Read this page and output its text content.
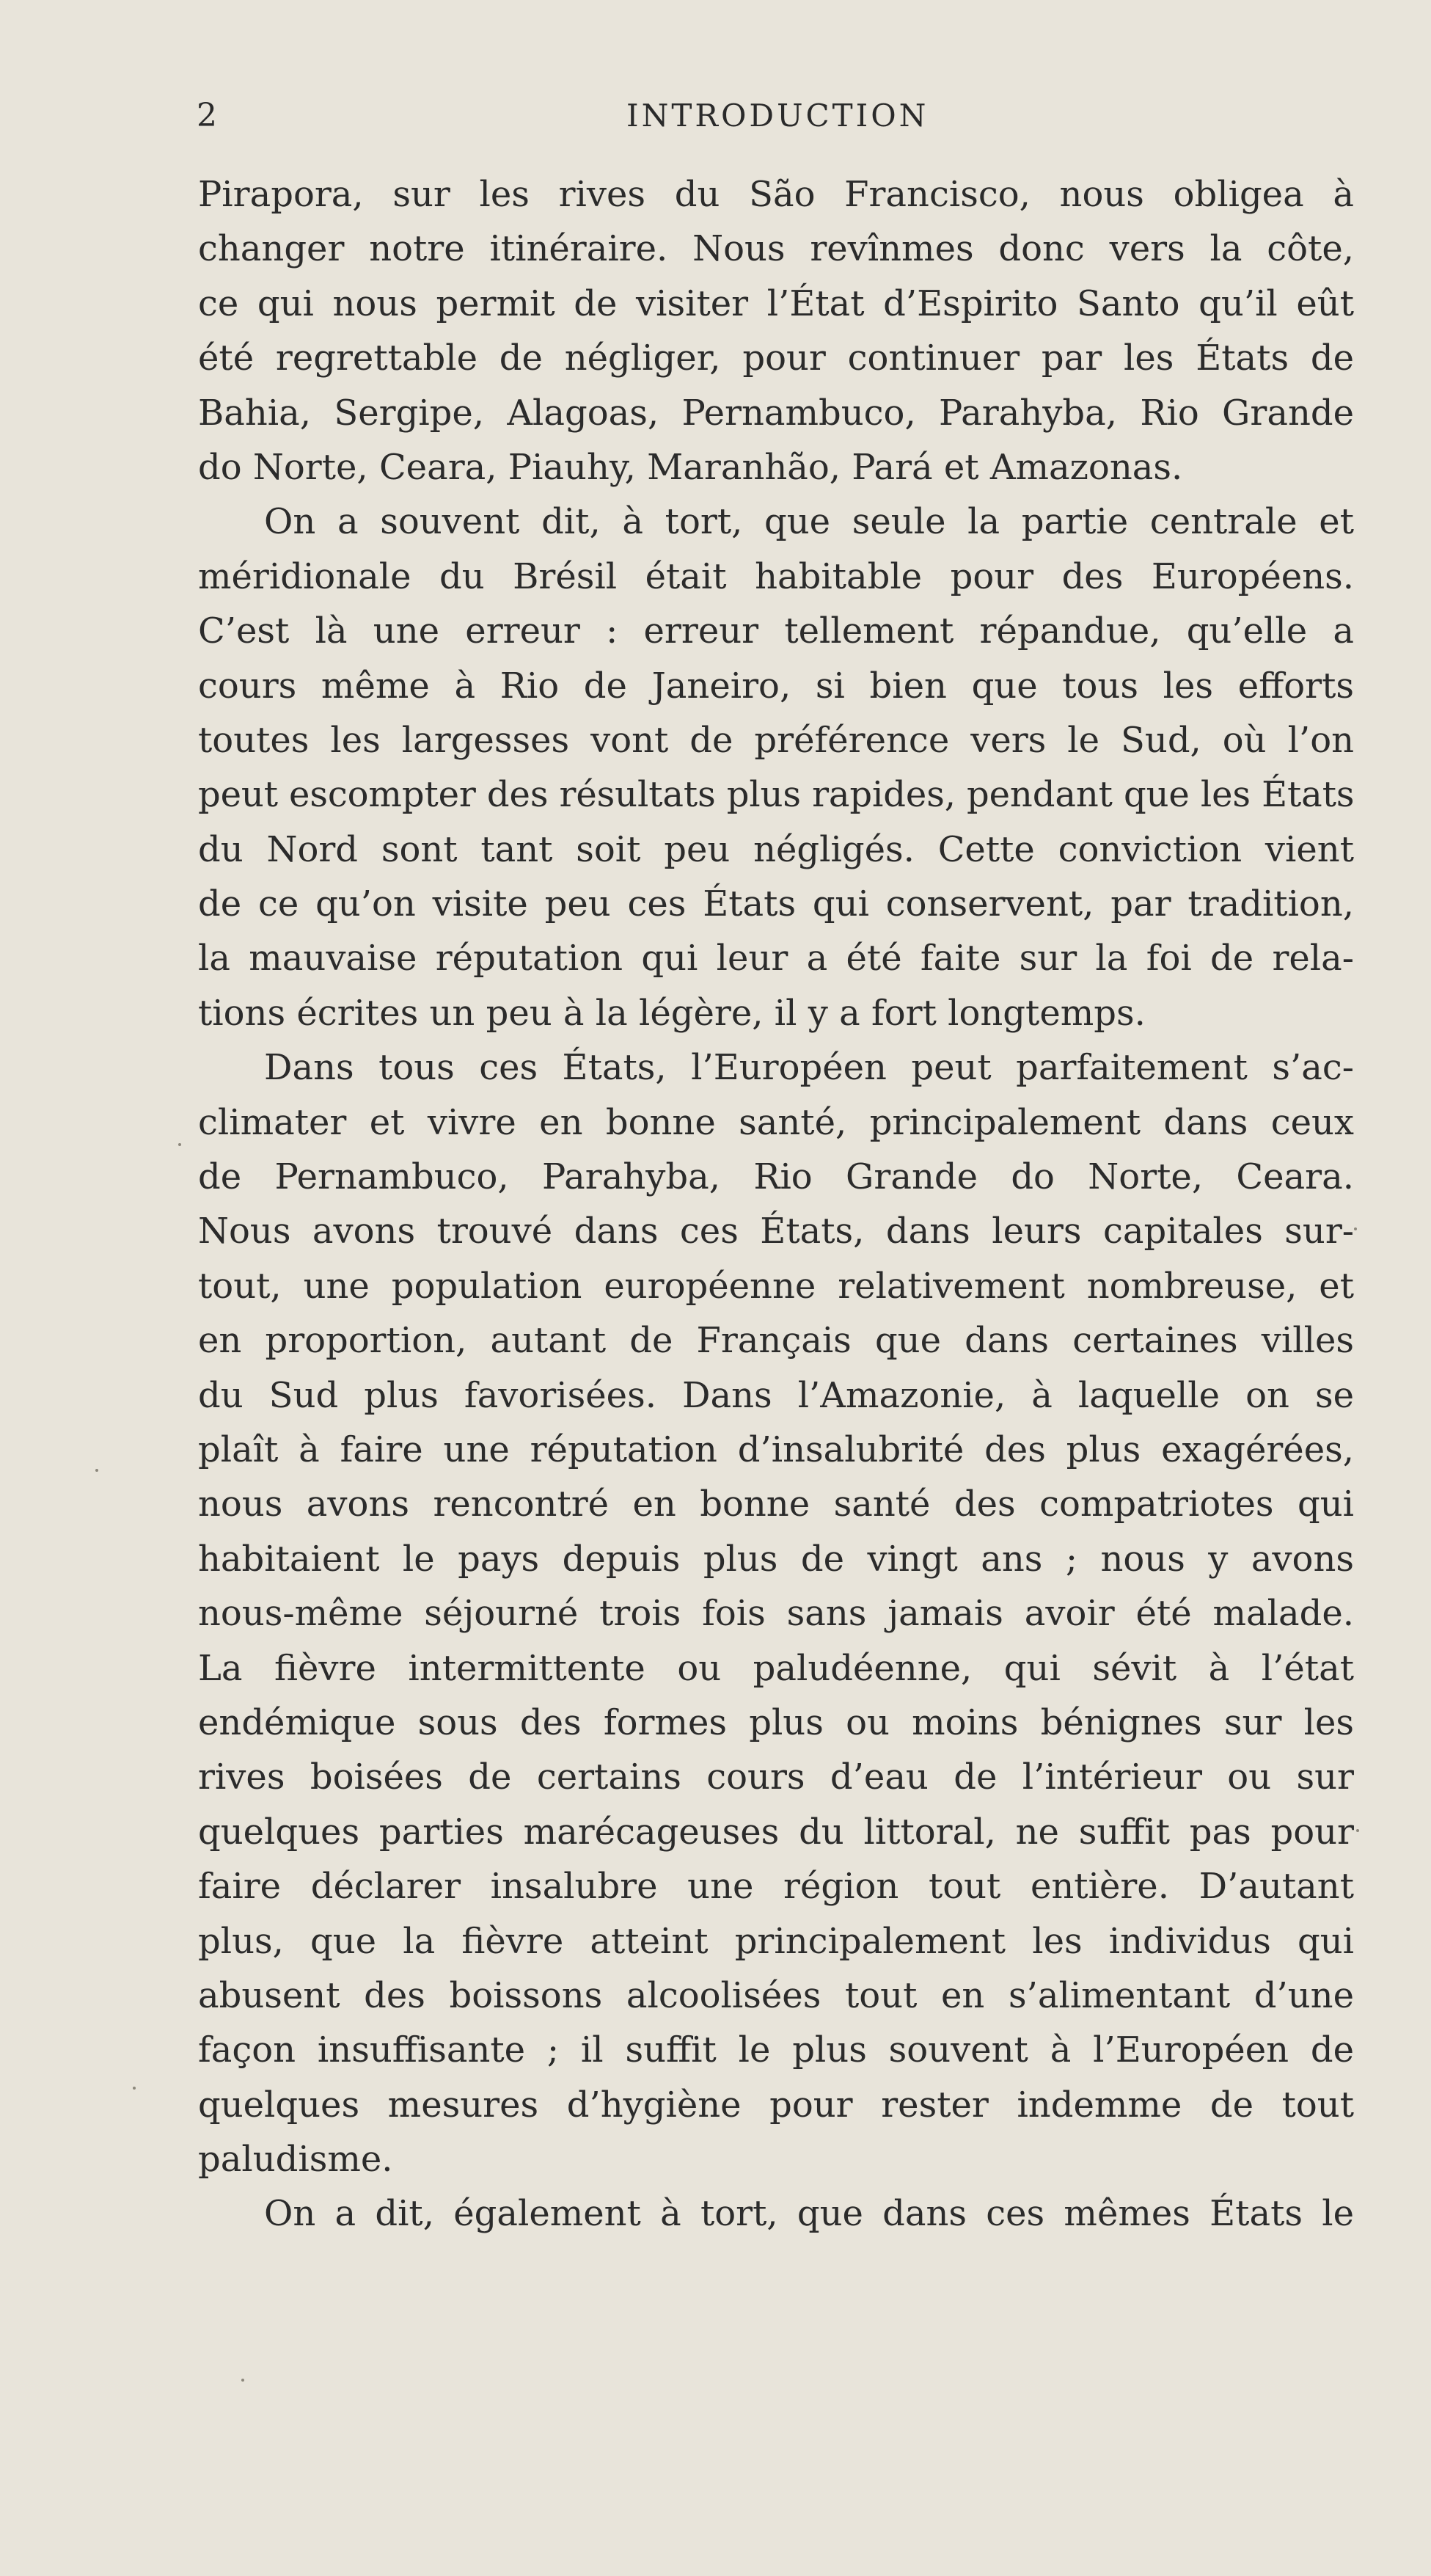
2	INTRODUCTION
Pirapora, sur les rives du São Francisco, nous obligea à
changer notre itinéraire. Nous revînmes donc vers la côte,
ce qui nous permit de visiter l’État d’Espirito Santo qu’il eût
été regrettable de négliger, pour continuer par les États de
Bahia, Sergipe, Alagoas, Pernambuco, Parahyba, Rio Grande
do Norte, Ceara, Piauhy, Maranhão, Pará et Amazonas.
On a souvent dit, à tort, que seule la partie centrale et
méridionale du Brésil était habitable pour des Européens.
C’est là une erreur : erreur tellement répandue, qu’elle a
cours même à Rio de Janeiro, si bien que tous les efforts
toutes les largesses vont de préférence vers le Sud, où l’on
peut escompter des résultats plus rapides, pendant que les États
du Nord sont tant soit peu négligés. Cette conviction vient
de ce qu’on visite peu ces États qui conservent, par tradition,
la mauvaise réputation qui leur a été faite sur la foi de rela-
tions écrites un peu à la légère, il y a fort longtemps.
Dans tous ces États, l’Européen peut parfaitement s’ac-
climater et vivre en bonne santé, principalement dans ceux
de Pernambuco, Parahyba, Rio Grande do Norte, Ceara.
Nous avons trouvé dans ces États, dans leurs capitales sur-
tout, une population européenne relativement nombreuse, et
en proportion, autant de Français que dans certaines villes
du Sud plus favorisées. Dans l’Amazonie, à laquelle on se
plaît à faire une réputation d’insalubrité des plus exagérées,
nous avons rencontré en bonne santé des compatriotes qui
habitaient le pays depuis plus de vingt ans ; nous y avons
nous-même séjourné trois fois sans jamais avoir été malade.
La fièvre intermittente ou paludéenne, qui sévit à l’état
endémique sous des formes plus ou moins bénignes sur les
rives boisées de certains cours d’eau de l’intérieur ou sur
quelques parties marécageuses du littoral, ne suffit pas pour
faire déclarer insalubre une région tout entière. D’autant
plus, que la fièvre atteint principalement les individus qui
abusent des boissons alcoolisées tout en s’alimentant d’une
façon insuffisante ; il suffit le plus souvent à l’Européen de
quelques mesures d’hygiène pour rester indemme de tout
paludisme.
On a dit, également à tort, que dans ces mêmes États le
